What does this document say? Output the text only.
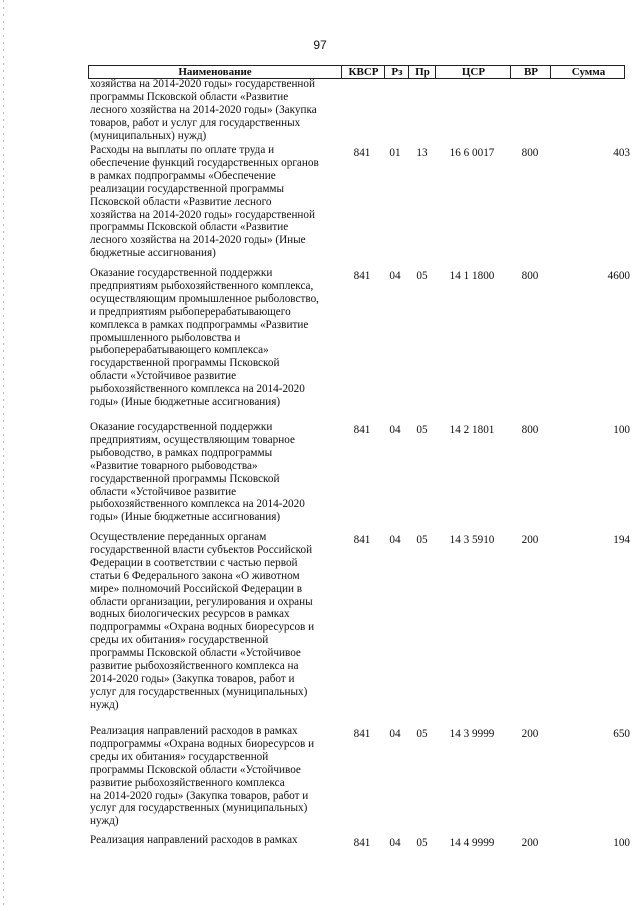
97
Наименование	КВСР	Рз	Пр	ЦСР	ВР	Сумма
хозяйства на 2014-2020 годы» государственной
программы Псковской области «Развитие
лесного хозяйства на 2014-2020 годы» (Закупка
товаров, работ и услуг для государственных
(муниципальных) нужд)
Расходы на выплаты по оплате труда и
обеспечение функций государственных органов
в рамках подпрограммы «Обеспечение
реализации государственной программы
Псковской области «Развитие лесного
хозяйства на 2014-2020 годы» государственной
программы Псковской области «Развитие
лесного хозяйства на 2014-2020 годы» (Иные
бюджетные ассигнования)
841	01	13	16 6 0017	800	403
Оказание государственной поддержки
предприятиям рыбохозяйственного комплекса,
осуществляющим промышленное рыболовство,
и предприятиям рыбоперерабатывающего
комплекса в рамках подпрограммы «Развитие
промышленного рыболовства и
рыбоперерабатывающего комплекса»
государственной программы Псковской
области «Устойчивое развитие
рыбохозяйственного комплекса на 2014-2020
годы» (Иные бюджетные ассигнования)
841	04	05	14 1 1800	800	4600
Оказание государственной поддержки
предприятиям, осуществляющим товарное
рыбоводство, в рамках подпрограммы
«Развитие товарного рыбоводства»
государственной программы Псковской
области «Устойчивое развитие
рыбохозяйственного комплекса на 2014-2020
годы» (Иные бюджетные ассигнования)
841	04	05	14 2 1801	800	100
Осуществление переданных органам
государственной власти субъектов Российской
Федерации в соответствии с частью первой
статьи 6 Федерального закона «О животном
мире» полномочий Российской Федерации в
области организации, регулирования и охраны
водных биологических ресурсов в рамках
подпрограммы «Охрана водных биоресурсов и
среды их обитания» государственной
программы Псковской области «Устойчивое
развитие рыбохозяйственного комплекса на
2014-2020 годы» (Закупка товаров, работ и
услуг для государственных (муниципальных)
нужд)
841	04	05	14 3 5910	200	194
Реализация направлений расходов в рамках
подпрограммы «Охрана водных биоресурсов и
среды их обитания» государственной
программы Псковской области «Устойчивое
развитие рыбохозяйственного комплекса
на 2014-2020 годы» (Закупка товаров, работ и
услуг для государственных (муниципальных)
нужд)
841	04	05	14 3 9999	200	650
Реализация направлений расходов в рамках	841	04	05	14 4 9999	200	100
